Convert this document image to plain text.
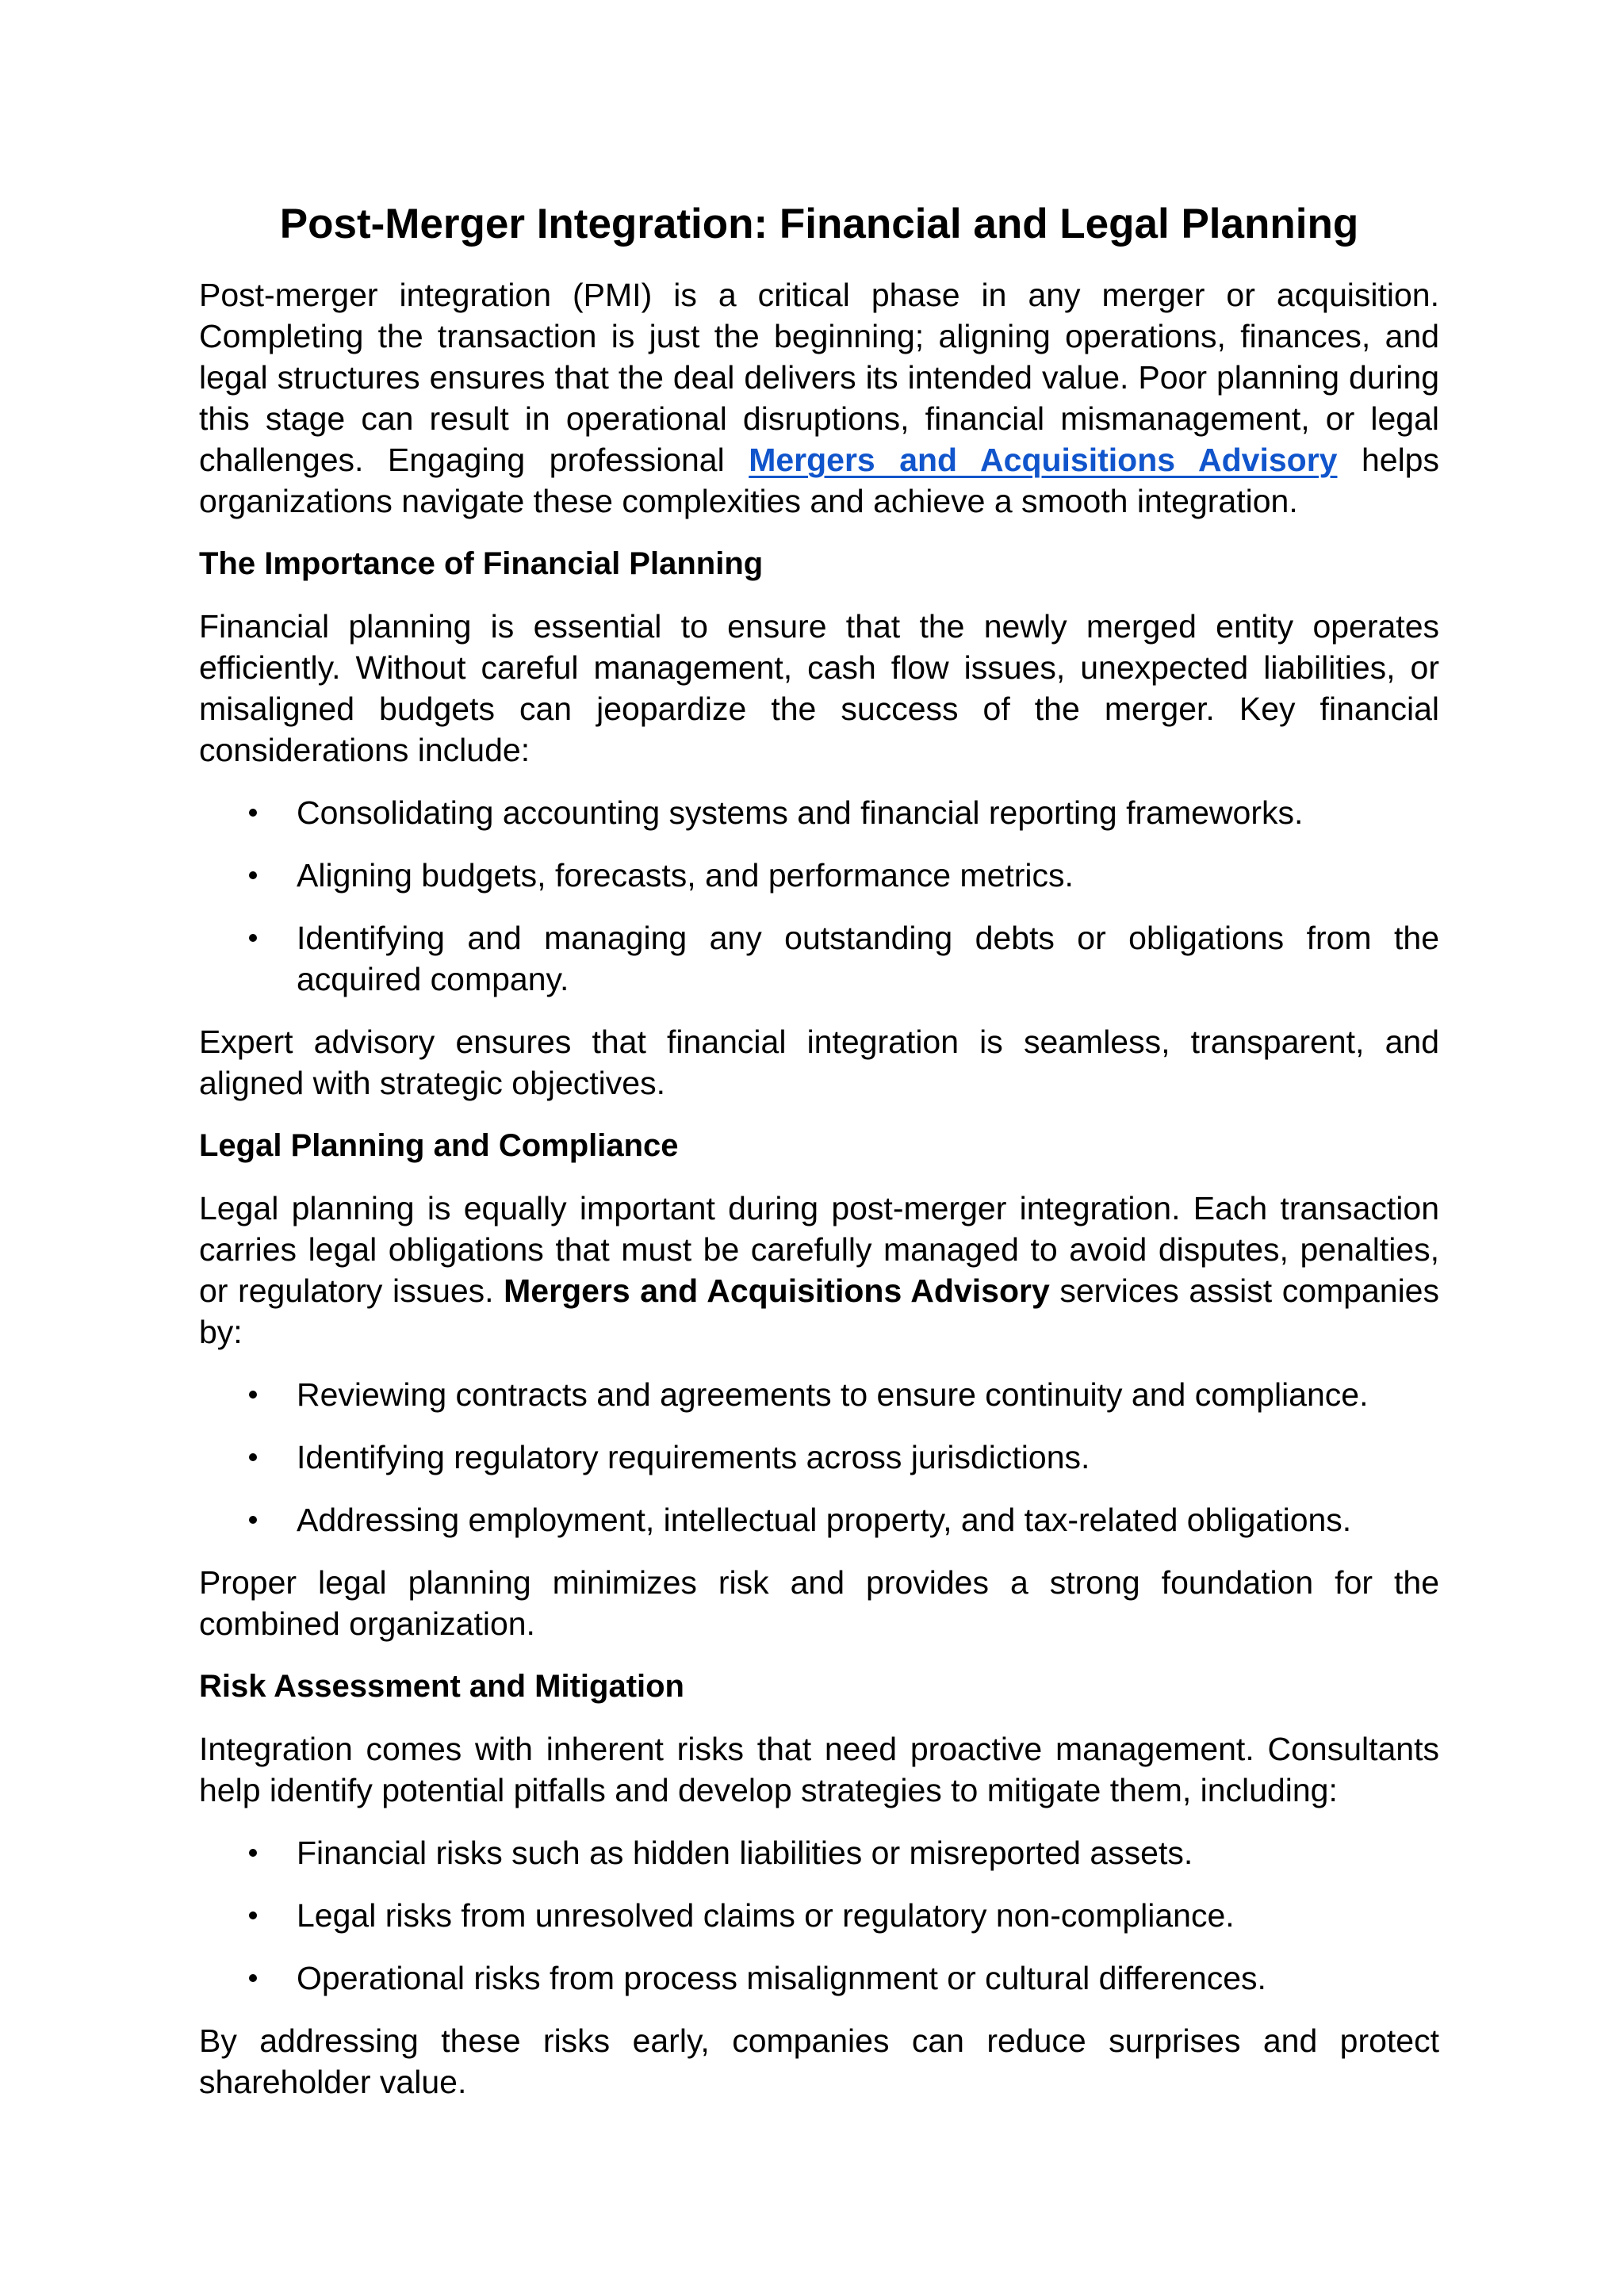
Post-Merger Integration: Financial and Legal Planning

Post-merger integration (PMI) is a critical phase in any merger or acquisition. Completing the transaction is just the beginning; aligning operations, finances, and legal structures ensures that the deal delivers its intended value. Poor planning during this stage can result in operational disruptions, financial mismanagement, or legal challenges. Engaging professional Mergers and Acquisitions Advisory helps organizations navigate these complexities and achieve a smooth integration.

The Importance of Financial Planning

Financial planning is essential to ensure that the newly merged entity operates efficiently. Without careful management, cash flow issues, unexpected liabilities, or misaligned budgets can jeopardize the success of the merger. Key financial considerations include:

Consolidating accounting systems and financial reporting frameworks.
Aligning budgets, forecasts, and performance metrics.
Identifying and managing any outstanding debts or obligations from the acquired company.

Expert advisory ensures that financial integration is seamless, transparent, and aligned with strategic objectives.

Legal Planning and Compliance

Legal planning is equally important during post-merger integration. Each transaction carries legal obligations that must be carefully managed to avoid disputes, penalties, or regulatory issues. Mergers and Acquisitions Advisory services assist companies by:

Reviewing contracts and agreements to ensure continuity and compliance.
Identifying regulatory requirements across jurisdictions.
Addressing employment, intellectual property, and tax-related obligations.

Proper legal planning minimizes risk and provides a strong foundation for the combined organization.

Risk Assessment and Mitigation

Integration comes with inherent risks that need proactive management. Consultants help identify potential pitfalls and develop strategies to mitigate them, including:

Financial risks such as hidden liabilities or misreported assets.
Legal risks from unresolved claims or regulatory non-compliance.
Operational risks from process misalignment or cultural differences.

By addressing these risks early, companies can reduce surprises and protect shareholder value.
